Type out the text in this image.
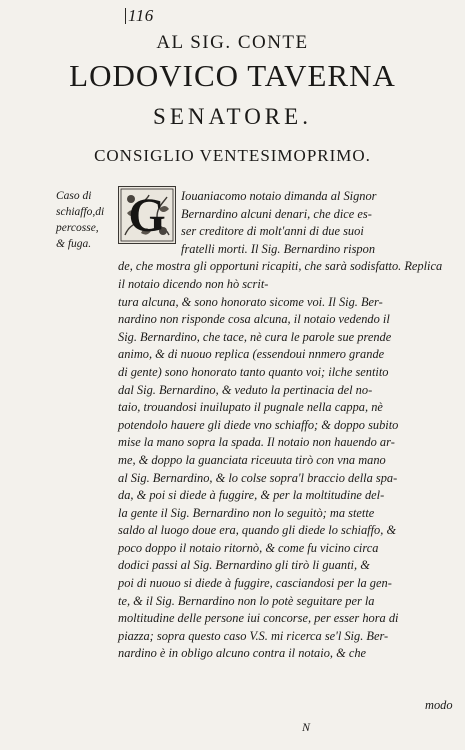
116
AL SIG. CONTE
LODOVICO TAVERNA
SENATORE.
CONSIGLIO VENTESIMOPRIMO.
Caso di
schiaffo,di
percosse,
& fuga.
G	Iouaniacomo notaio dimanda al Signor
Bernardino alcuni denari, che dice es-
ser creditore di molt'anni di due suoi
fratelli morti. Il Sig. Bernardino rispon
de, che mostra gli opportuni ricapiti, che sarà sodisfatto. Replica il notaio dicendo non hò scrit-
tura alcuna, & sono honorato sicome voi. Il Sig. Ber-
nardino non risponde cosa alcuna, il notaio vedendo il
Sig. Bernardino, che tace, nè cura le parole sue prende
animo, & di nuouo replica (essendoui nnmero grande
di gente) sono honorato tanto quanto voi; ilche sentito
dal Sig. Bernardino, & veduto la pertinacia del no-
taio, trouandosi inuilupato il pugnale nella cappa, nè
potendolo hauere gli diede vno schiaffo; & doppo subito
mise la mano sopra la spada. Il notaio non hauendo ar-
me, & doppo la guanciata riceuuta tirò con vna mano
al Sig. Bernardino, & lo colse sopra'l braccio della spa-
da, & poi si diede à fuggire, & per la moltitudine del-
la gente il Sig. Bernardino non lo seguitò; ma stette
saldo al luogo doue era, quando gli diede lo schiaffo, &
poco doppo il notaio ritornò, & come fu vicino circa
dodici passi al Sig. Bernardino gli tirò li guanti, &
poi di nuouo si diede à fuggire, casciandosi per la gen-
te, & il Sig. Bernardino non lo potè seguitare per la
moltitudine delle persone iui concorse, per esser hora di
piazza; sopra questo caso V.S. mi ricerca se'l Sig. Ber-
nardino è in obligo alcuno contra il notaio, & che
modo
N
